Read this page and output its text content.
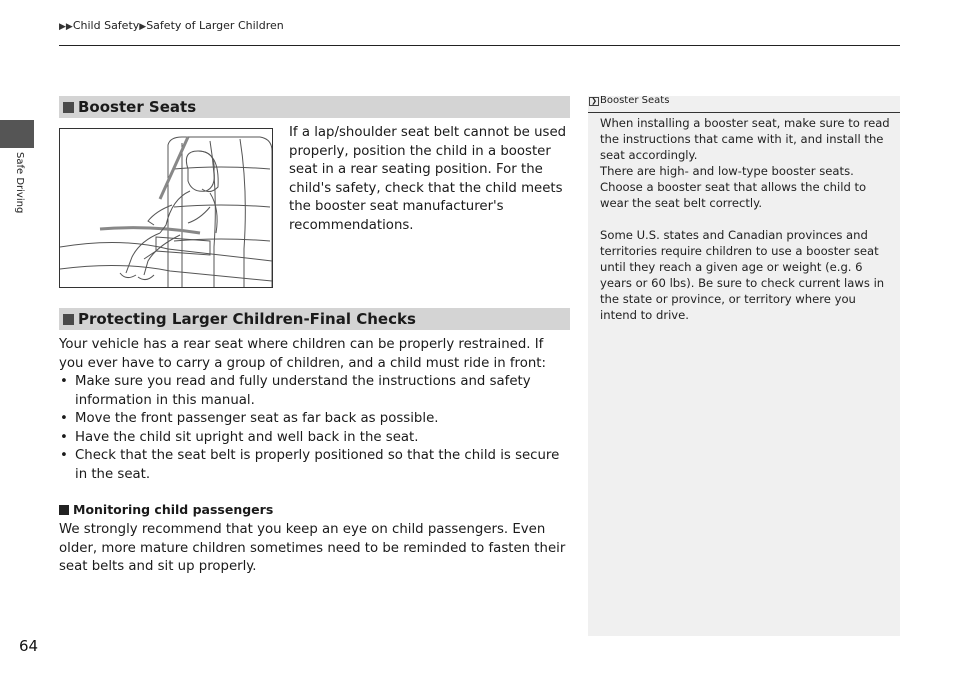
▶▶Child Safety▶Safety of Larger Children
Safe Driving
Booster Seats
If a lap/shoulder seat belt cannot be used properly, position the child in a booster seat in a rear seating position. For the child's safety, check that the child meets the booster seat manufacturer's recommendations.
Protecting Larger Children-Final Checks
Your vehicle has a rear seat where children can be properly restrained. If you ever have to carry a group of children, and a child must ride in front:
• Make sure you read and fully understand the instructions and safety information in this manual.
• Move the front passenger seat as far back as possible.
• Have the child sit upright and well back in the seat.
• Check that the seat belt is properly positioned so that the child is secure in the seat.
Monitoring child passengers
We strongly recommend that you keep an eye on child passengers. Even older, more mature children sometimes need to be reminded to fasten their seat belts and sit up properly.
❯ Booster Seats
When installing a booster seat, make sure to read the instructions that came with it, and install the seat accordingly.
There are high- and low-type booster seats. Choose a booster seat that allows the child to wear the seat belt correctly.
Some U.S. states and Canadian provinces and territories require children to use a booster seat until they reach a given age or weight (e.g. 6 years or 60 lbs). Be sure to check current laws in the state or province, or territory where you intend to drive.
64
